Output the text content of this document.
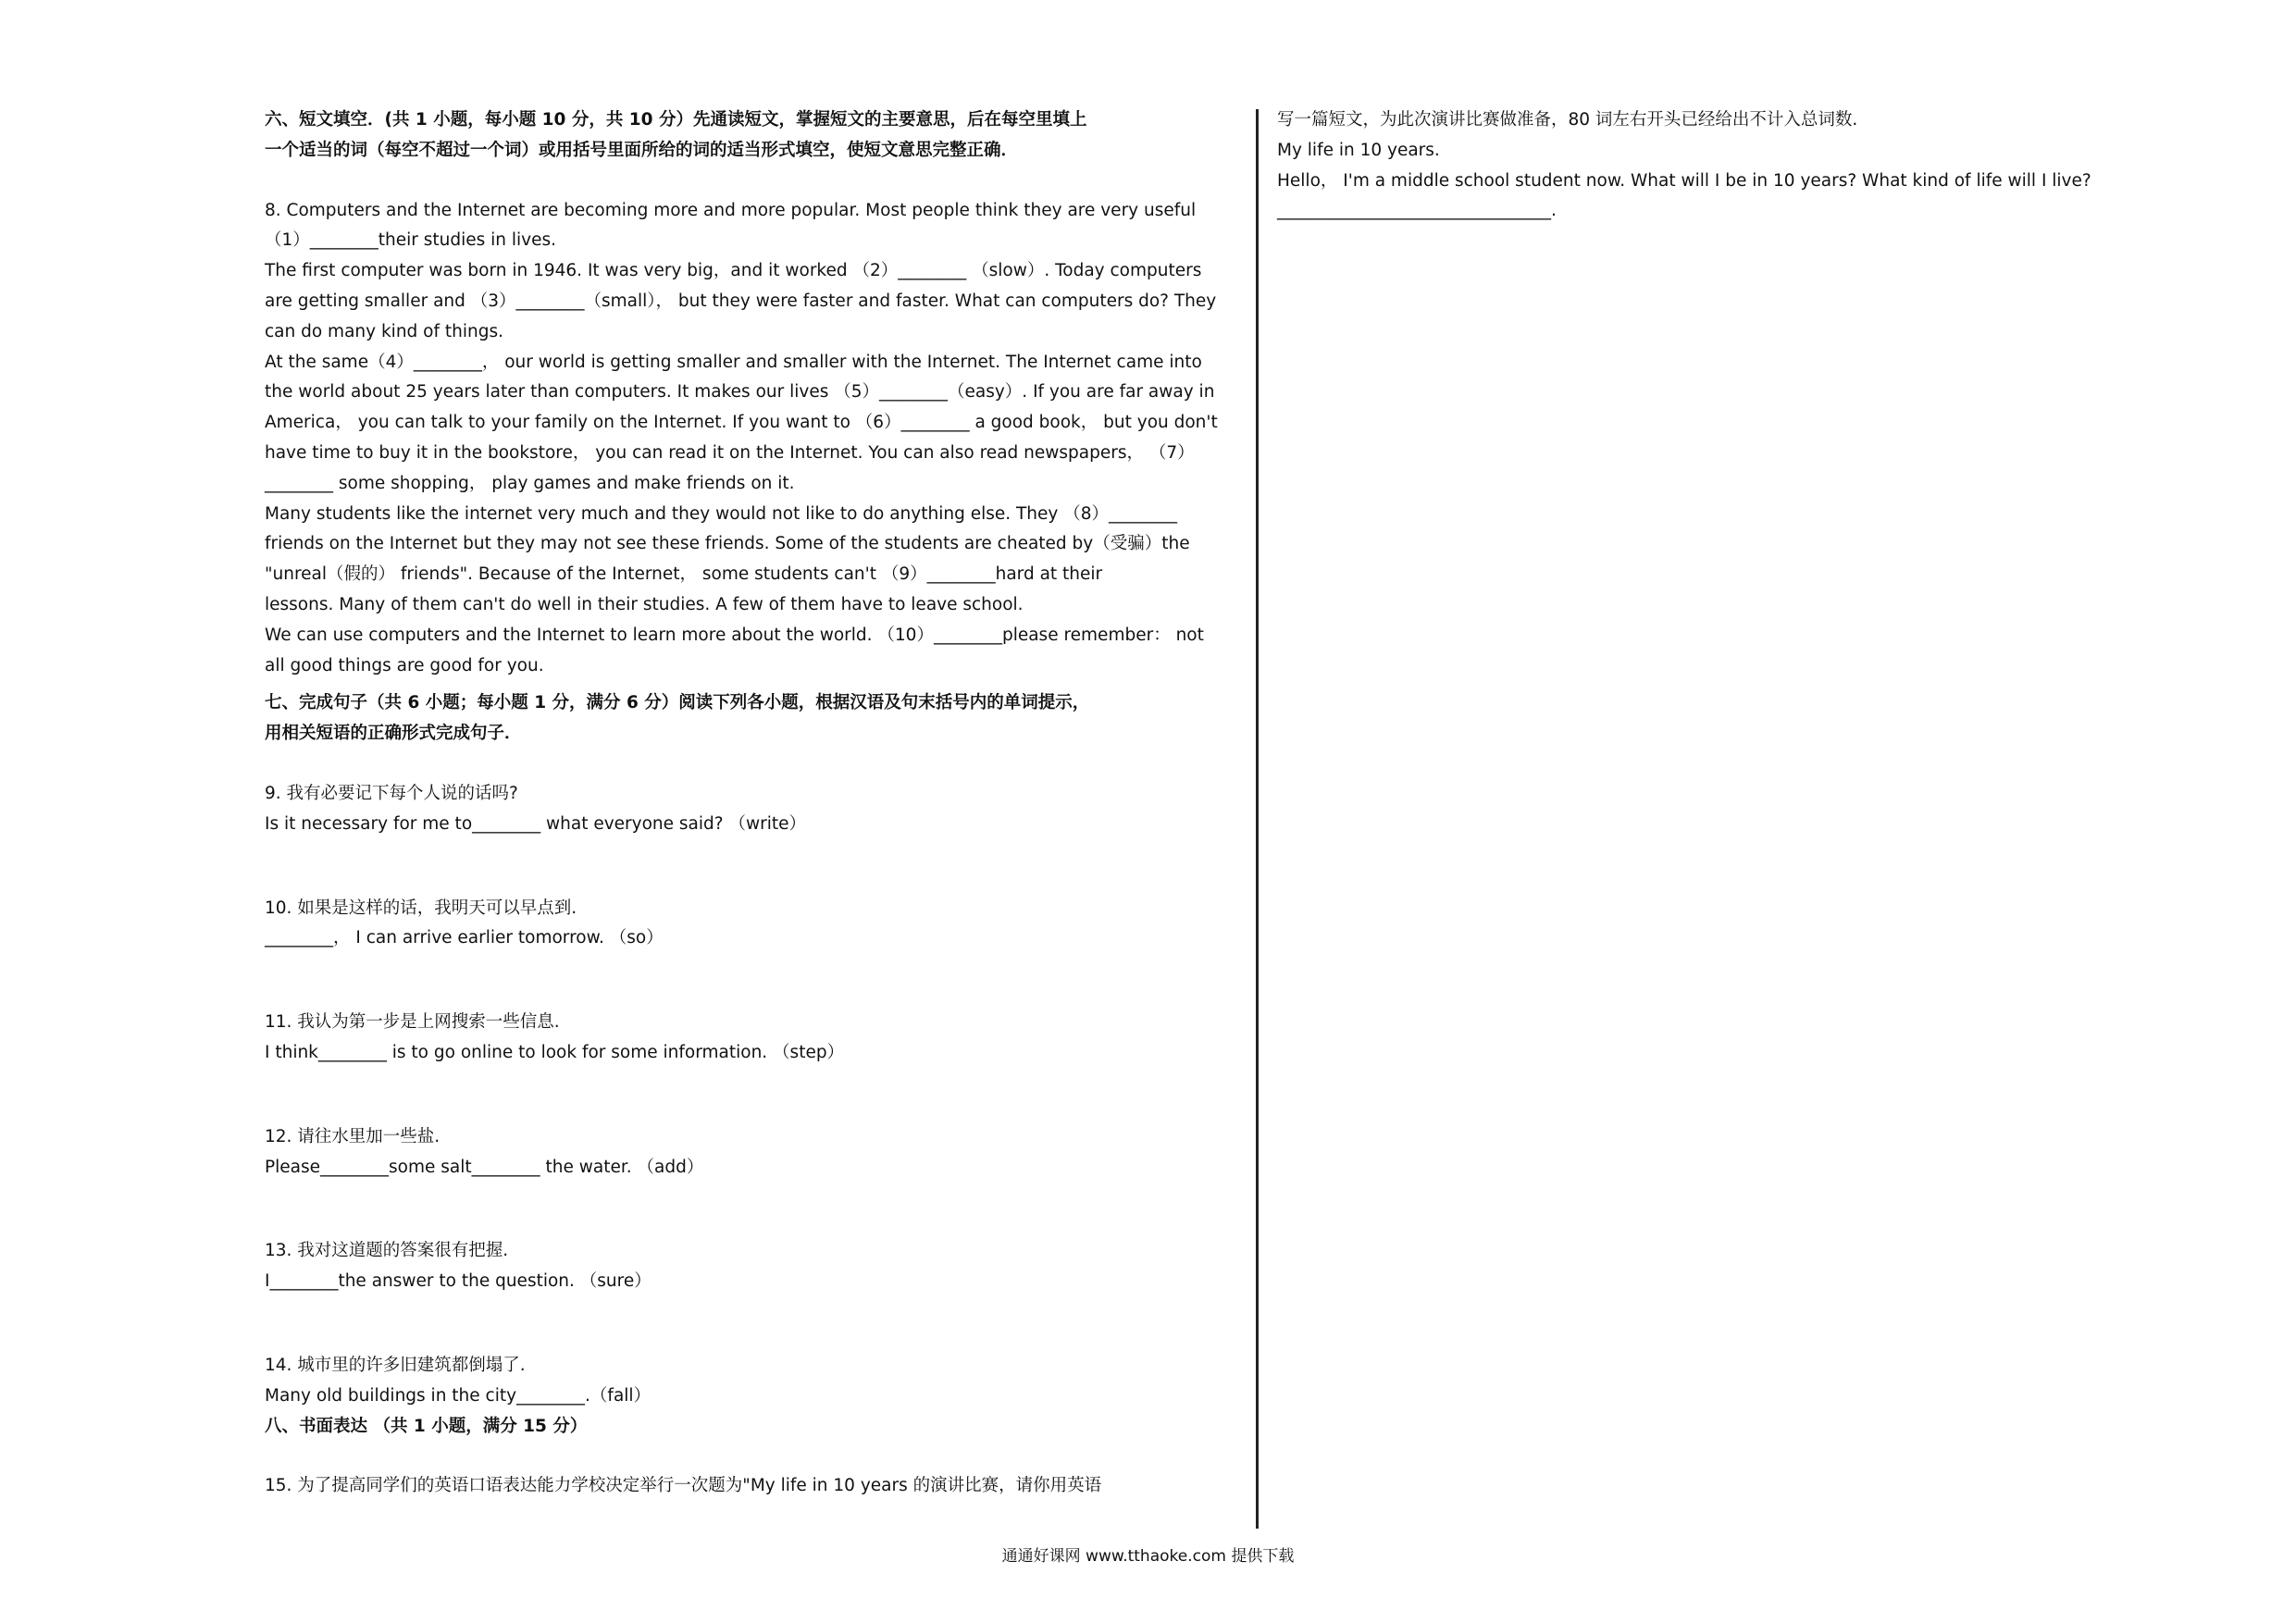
六、短文填空．(共 1 小题，每小题 10 分，共 10 分）先通读短文，掌握短文的主要意思，后在每空里填上
一个适当的词（每空不超过一个词）或用括号里面所给的词的适当形式填空，使短文意思完整正确．
8. Computers and the Internet are becoming more and more popular. Most people think they are very useful
（1）________their studies in lives.
The first computer was born in 1946. It was very big，and it worked （2）________ （slow）. Today computers
are getting smaller and （3）________（small）， but they were faster and faster. What can computers do? They
can do many kind of things.
At the same（4）________， our world is getting smaller and smaller with the Internet. The Internet came into
the world about 25 years later than computers. It makes our lives （5）________（easy）. If you are far away in
America， you can talk to your family on the Internet. If you want to （6）________ a good book， but you don't
have time to buy it in the bookstore， you can read it on the Internet. You can also read newspapers， （7）
________ some shopping， play games and make friends on it.
Many students like the internet very much and they would not like to do anything else. They （8）________
friends on the Internet but they may not see these friends. Some of the students are cheated by（受骗）the
"unreal（假的） friends". Because of the Internet， some students can't （9）________hard at their
lessons. Many of them can't do well in their studies. A few of them have to leave school.
We can use computers and the Internet to learn more about the world. （10）________please remember： not
all good things are good for you.
七、完成句子（共 6 小题；每小题 1 分，满分 6 分）阅读下列各小题，根据汉语及句末括号内的单词提示，
用相关短语的正确形式完成句子．
9. 我有必要记下每个人说的话吗?
Is it necessary for me to________ what everyone said? （write）
10. 如果是这样的话，我明天可以早点到.
________， I can arrive earlier tomorrow. （so）
11. 我认为第一步是上网搜索一些信息.
I think________ is to go online to look for some information. （step）
12. 请往水里加一些盐.
Please________some salt________ the water. （add）
13. 我对这道题的答案很有把握.
I________the answer to the question. （sure）
14. 城市里的许多旧建筑都倒塌了.
Many old buildings in the city________.（fall）
八、书面表达 （共 1 小题，满分 15 分）
15. 为了提高同学们的英语口语表达能力学校决定举行一次题为"My life in 10 years 的演讲比赛，请你用英语
写一篇短文，为此次演讲比赛做准备，80 词左右开头已经给出不计入总词数.
My life in 10 years.
Hello， I'm a middle school student now. What will I be in 10 years? What kind of life will I live?
________________________________.
通通好课网 www.tthaoke.com 提供下载
